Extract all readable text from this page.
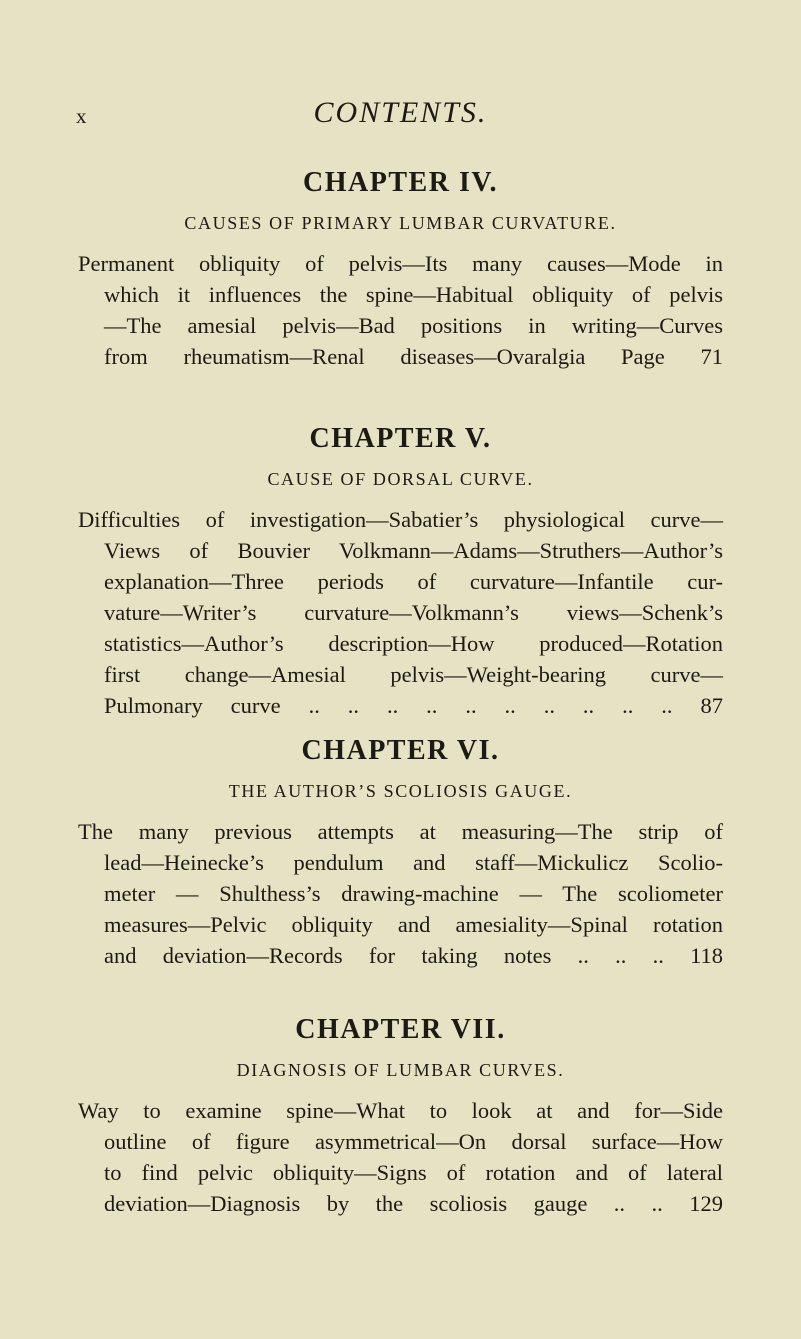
x	CONTENTS.
CHAPTER IV.
CAUSES OF PRIMARY LUMBAR CURVATURE.
Permanent obliquity of pelvis—Its many causes—Mode in
which it influences the spine—Habitual obliquity of pelvis
—The amesial pelvis—Bad positions in writing—Curves
from rheumatism—Renal diseases—Ovaralgia Page 71
CHAPTER V.
CAUSE OF DORSAL CURVE.
Difficulties of investigation—Sabatier’s physiological curve—
Views of Bouvier Volkmann—Adams—Struthers—Author’s
explanation—Three periods of curvature—Infantile cur-
vature—Writer’s curvature—Volkmann’s views—Schenk’s
statistics—Author’s description—How produced—Rotation
first change—Amesial pelvis—Weight-bearing curve—
Pulmonary curve .. .. .. .. .. .. .. .. .. .. 87
CHAPTER VI.
THE AUTHOR’S SCOLIOSIS GAUGE.
The many previous attempts at measuring—The strip of
lead—Heinecke’s pendulum and staff—Mickulicz Scolio-
meter — Shulthess’s drawing-machine — The scoliometer
measures—Pelvic obliquity and amesiality—Spinal rotation
and deviation—Records for taking notes .. .. .. 118
CHAPTER VII.
DIAGNOSIS OF LUMBAR CURVES.
Way to examine spine—What to look at and for—Side
outline of figure asymmetrical—On dorsal surface—How
to find pelvic obliquity—Signs of rotation and of lateral
deviation—Diagnosis by the scoliosis gauge .. .. 129
